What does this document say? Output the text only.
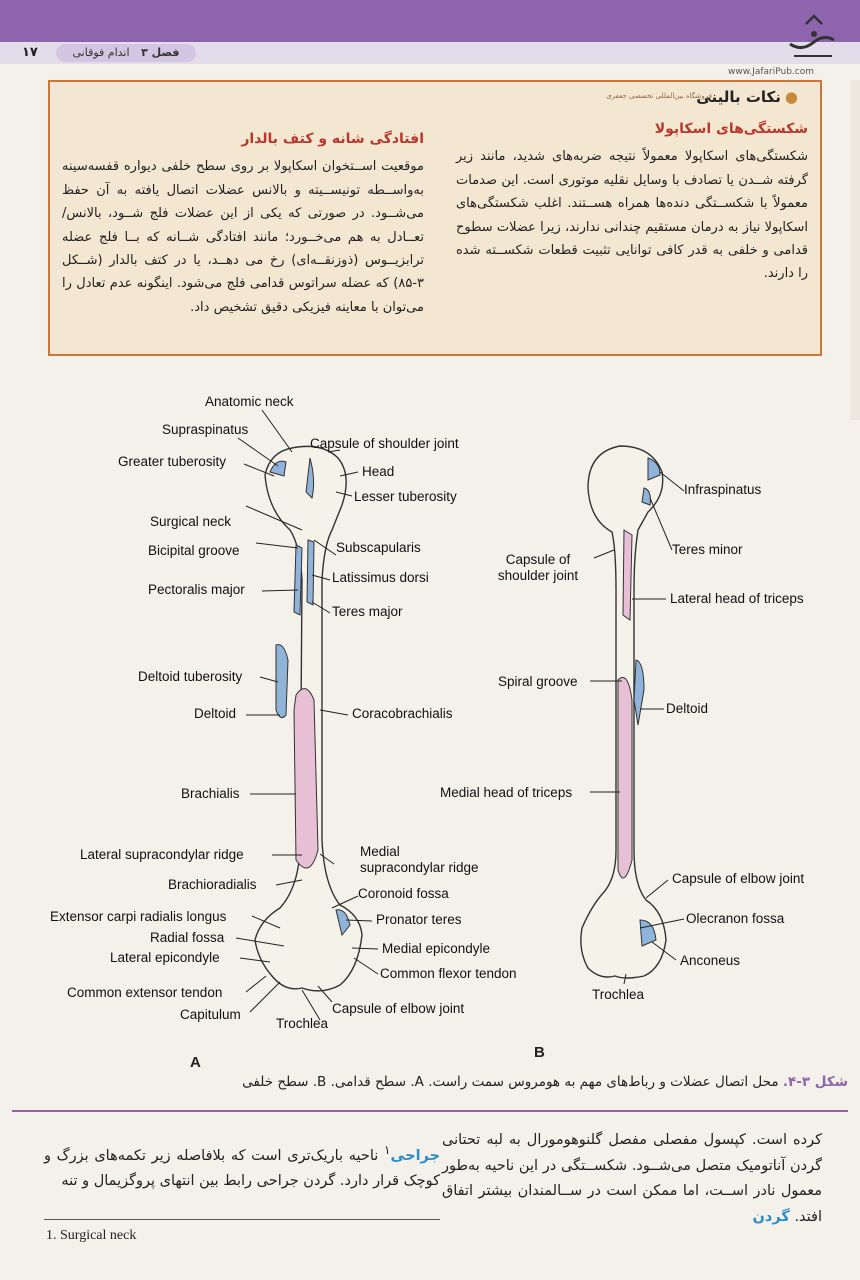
۱۷	فصل ۳ اندام فوقانی
www.JafariPub.com
●نکات بالینی
فروشگاه بین‌المللی تخصصی جعفری
شکستگی‌های اسکاپولا
شکستگی‌های اسکاپولا معمولاً نتیجه ضربه‌های شدید، مانند زیر گرفته شــدن یا تصادف با وسایل نقلیه موتوری است. این صدمات معمولاً با شکســتگی دنده‌ها همراه هســتند. اغلب شکستگی‌های اسکاپولا نیاز به درمان مستقیم چندانی ندارند، زیرا عضلات سطوح قدامی و خلفی به قدر کافی توانایی تثبیت قطعات شکســته شده را دارند.
افتادگی شانه و کتف بالدار
موقعیت اســتخوان اسکاپولا بر روی سطح خلفی دیواره قفسه‌سینه به‌واســطه تونیســیته و بالانس عضلات اتصال یافته به آن حفظ می‌شــود. در صورتی که یکی از این عضلات فلج شــود، بالانس/تعــادل به هم می‌خــورد؛ مانند افتادگی شــانه که بــا فلج عضله ترابزیــوس (ذوزنقــه‌ای) رخ می دهــد، یا در کتف بالدار (شــکل ۳-۸۵) که عضله سراتوس قدامی فلج می‌شود. اینگونه عدم تعادل را می‌توان با معاینه فیزیکی دقیق تشخیص داد.
Anatomic neck
Supraspinatus
Capsule of shoulder joint
Greater tuberosity
Head
Lesser tuberosity
Surgical neck
Subscapularis
Bicipital groove
Latissimus dorsi
Pectoralis major
Teres major
Deltoid tuberosity
Deltoid	Coracobrachialis
Brachialis
Lateral supracondylar ridge	Medial
supracondylar ridge
Brachioradialis
Coronoid fossa
Extensor carpi radialis longus	Pronator teres
Radial fossa
Medial epicondyle
Lateral epicondyle
Common flexor tendon
Common extensor tendon
Capsule of elbow joint
Capitulum
Trochlea
A
Infraspinatus
Teres minor
Capsule of
shoulder joint
Lateral head of triceps
Spiral groove
Deltoid
Medial head of triceps
Capsule of elbow joint
Olecranon fossa
Anconeus
Trochlea
B
شکل ۳-۴. محل اتصال عضلات و رباط‌های مهم به هومروس سمت راست. A. سطح قدامی. B. سطح خلفی
کرده است. کپسول مفصلی مفصل گلنوهومورال به لبه تحتانی گردن آناتومیک متصل می‌شــود. شکســتگی در این ناحیه به‌طور معمول نادر اســت، اما ممکن است در ســالمندان بیشتر اتفاق افتد. گردن
جراحی$^۱$ ناحیه باریک‌تری است که بلافاصله زیر تکمه‌های بزرگ و کوچک قرار دارد. گردن جراحی رابط بین انتهای پروگزیمال و تنه
1. Surgical neck
